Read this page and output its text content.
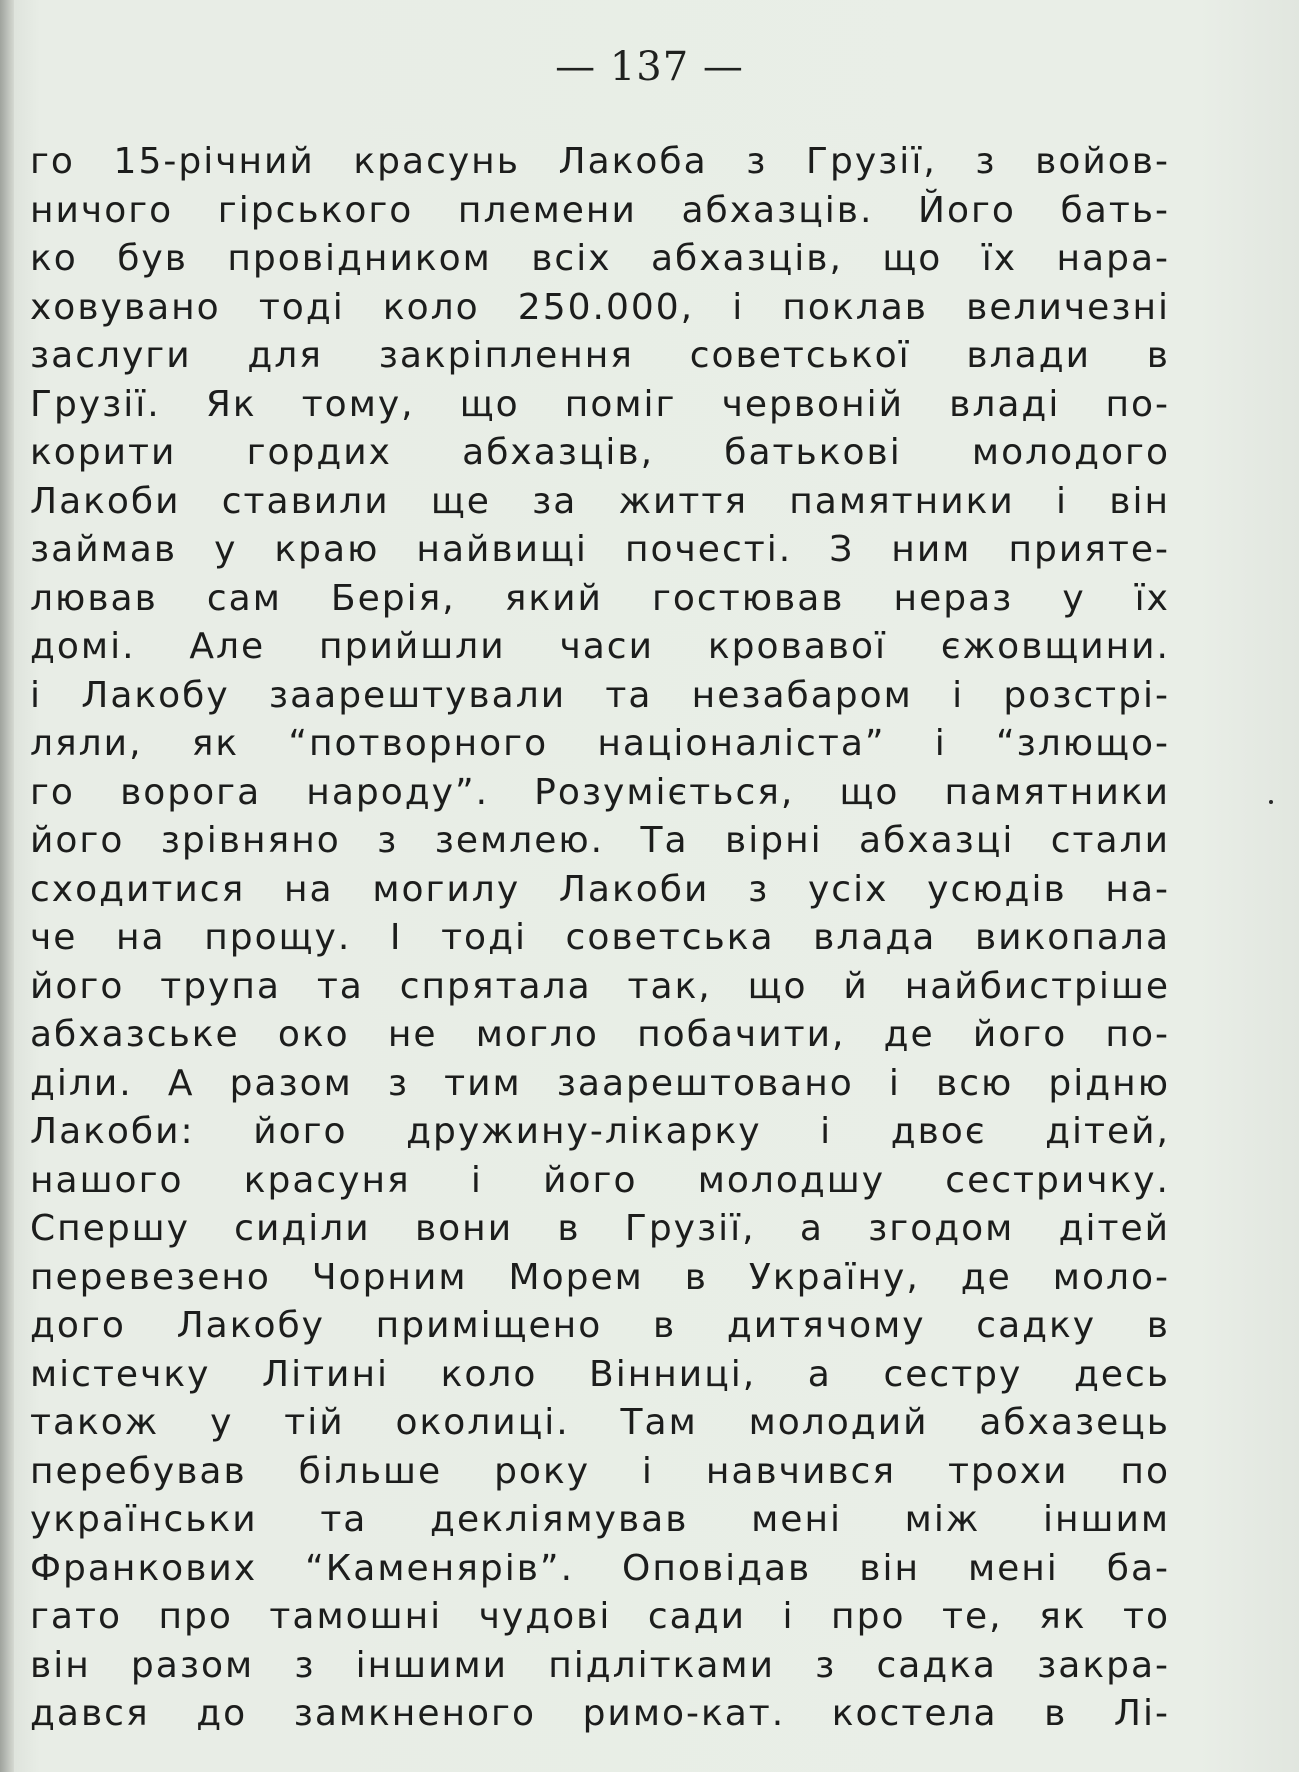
— 137 —
го 15-річний красунь Лакоба з Грузії, з войов-
ничого гірського племени абхазців. Його бать-
ко був провідником всіх абхазців, що їх нара-
ховувано тоді коло 250.000, і поклав величезні
заслуги для закріплення советської влади в
Грузії. Як тому, що поміг червоній владі по-
корити гордих абхазців, батькові молодого
Лакоби ставили ще за життя памятники і він
займав у краю найвищі почесті. З ним прияте-
лював сам Берія, який гостював нераз у їх
домі. Але прийшли часи кровавої єжовщини.
і Лакобу заарештували та незабаром і розстрі-
ляли, як “потворного націоналіста” і “злющо-
го ворога народу”. Розуміється, що памятники
його зрівняно з землею. Та вірні абхазці стали
сходитися на могилу Лакоби з усіх усюдів на-
че на прощу. І тоді советська влада викопала
його трупа та спрятала так, що й найбистріше
абхазське око не могло побачити, де його по-
діли. А разом з тим заарештовано і всю рідню
Лакоби: його дружину-лікарку і двоє дітей,
нашого красуня і його молодшу сестричку.
Спершу сиділи вони в Грузії, а згодом дітей
перевезено Чорним Морем в Україну, де моло-
дого Лакобу приміщено в дитячому садку в
містечку Літині коло Вінниці, а сестру десь
також у тій околиці. Там молодий абхазець
перебував більше року і навчився трохи по
українськи та декліямував мені між іншим
Франкових “Каменярів”. Оповідав він мені ба-
гато про тамошні чудові сади і про те, як то
він разом з іншими підлітками з садка закра-
дався до замкненого римо-кат. костела в Лі-
